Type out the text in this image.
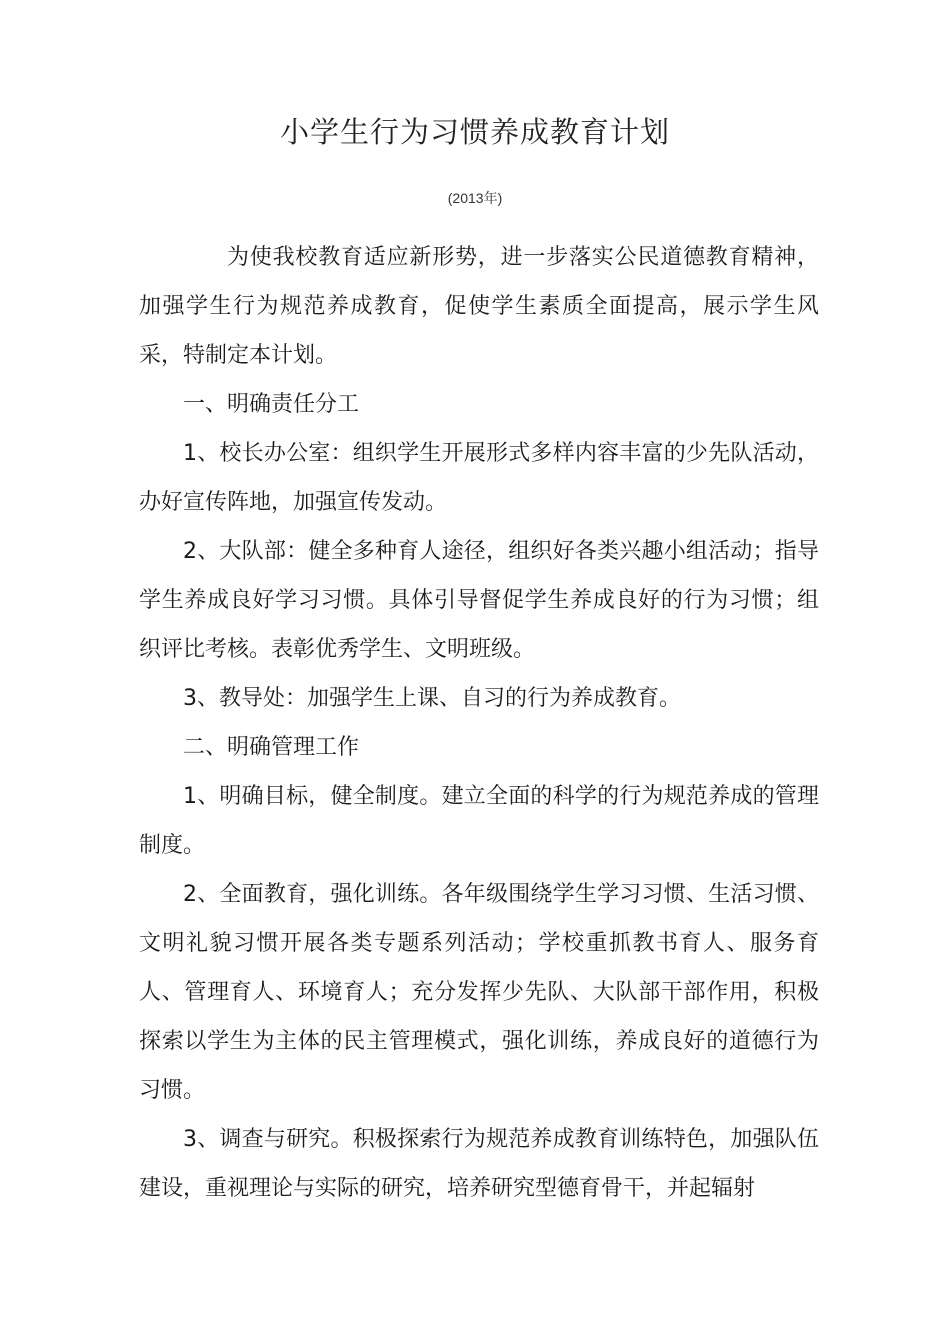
小学生行为习惯养成教育计划
(2013年)

为使我校教育适应新形势，进一步落实公民道德教育精神，加强学生行为规范养成教育，促使学生素质全面提高，展示学生风采，特制定本计划。

一、明确责任分工

1、校长办公室：组织学生开展形式多样内容丰富的少先队活动，办好宣传阵地，加强宣传发动。

2、大队部：健全多种育人途径，组织好各类兴趣小组活动；指导学生养成良好学习习惯。具体引导督促学生养成良好的行为习惯；组织评比考核。表彰优秀学生、文明班级。

3、教导处：加强学生上课、自习的行为养成教育。

二、明确管理工作

1、明确目标，健全制度。建立全面的科学的行为规范养成的管理制度。

2、全面教育，强化训练。各年级围绕学生学习习惯、生活习惯、文明礼貌习惯开展各类专题系列活动；学校重抓教书育人、服务育人、管理育人、环境育人；充分发挥少先队、大队部干部作用，积极探索以学生为主体的民主管理模式，强化训练，养成良好的道德行为习惯。

3、调查与研究。积极探索行为规范养成教育训练特色，加强队伍建设，重视理论与实际的研究，培养研究型德育骨干，并起辐射
